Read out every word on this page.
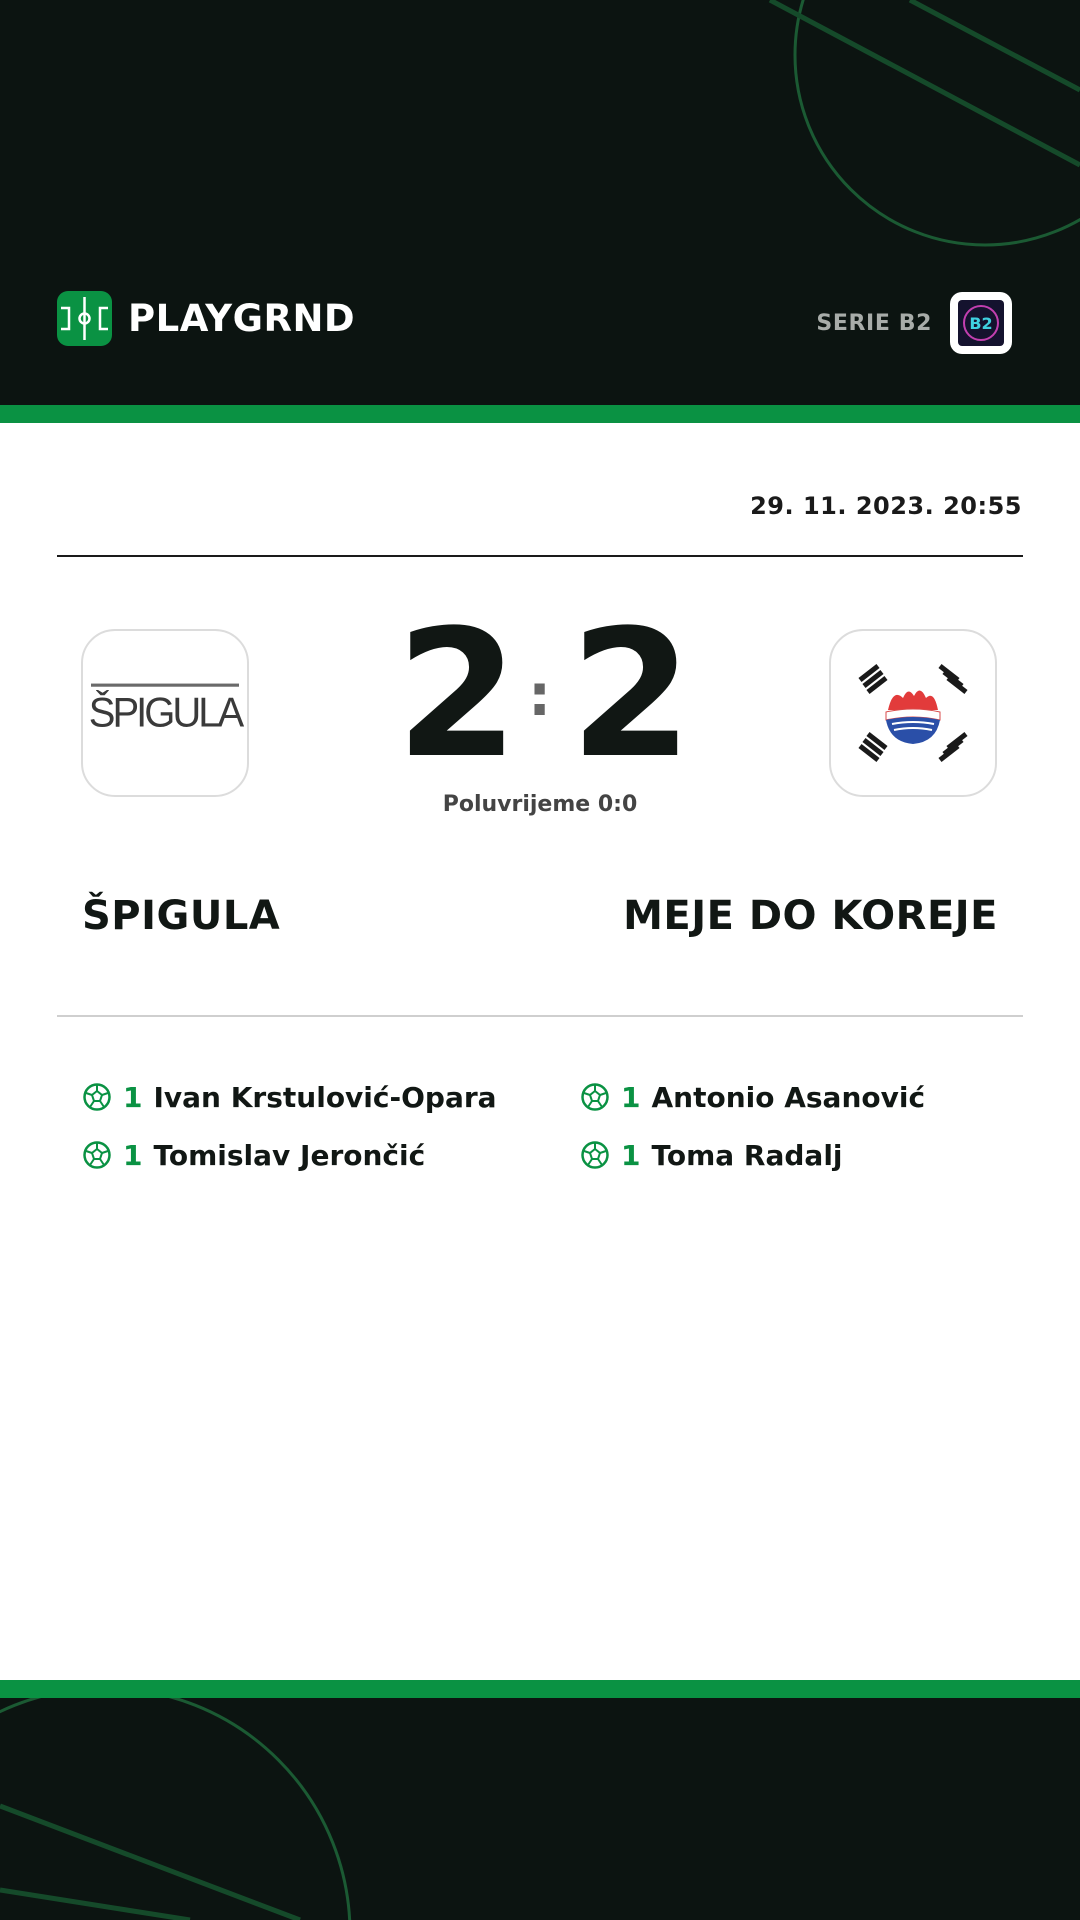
PLAYGRND	SERIE B2 B2
29. 11. 2023. 20:55
ŠPIGULA 2 : 2
Poluvrijeme 0:0
ŠPIGULA	MEJE DO KOREJE
1 Ivan Krstulović-Opara
1 Tomislav Jerončić
1 Antonio Asanović
1 Toma Radalj
